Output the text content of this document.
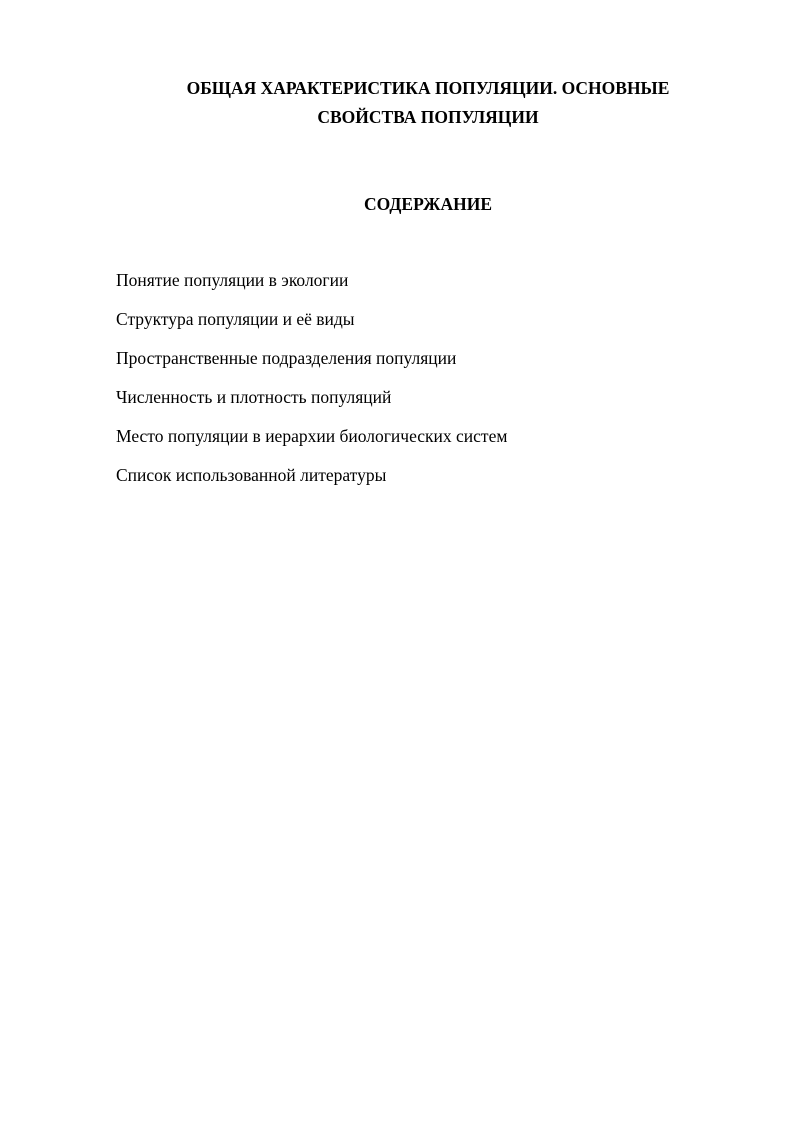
ОБЩАЯ ХАРАКТЕРИСТИКА ПОПУЛЯЦИИ. ОСНОВНЫЕ
СВОЙСТВА ПОПУЛЯЦИИ
СОДЕРЖАНИЕ
Понятие популяции в экологии
Структура популяции и её виды
Пространственные подразделения популяции
Численность и плотность популяций
Место популяции в иерархии биологических систем
Список использованной литературы
